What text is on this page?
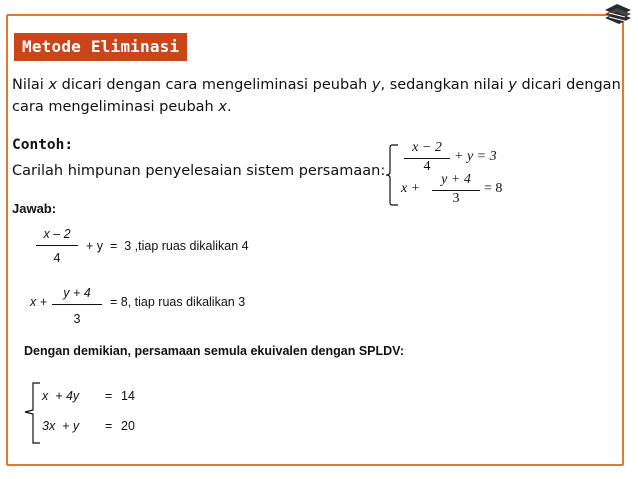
Metode Eliminasi
Nilai x dicari dengan cara mengeliminasi peubah y, sedangkan nilai y dicari dengan cara mengeliminasi peubah x.
Contoh:
Carilah himpunan penyelesaian sistem persamaan:
x − 2
4
+ y = 3
x +
y + 4
3
= 8
Jawab:
x – 2
4
+ y  =  3 ,tiap ruas dikalikan 4
x +
y + 4
3
= 8, tiap ruas dikalikan 3
Dengan demikian, persamaan semula ekuivalen dengan SPLDV:
x  + 4y = 14
3x  + y = 20
